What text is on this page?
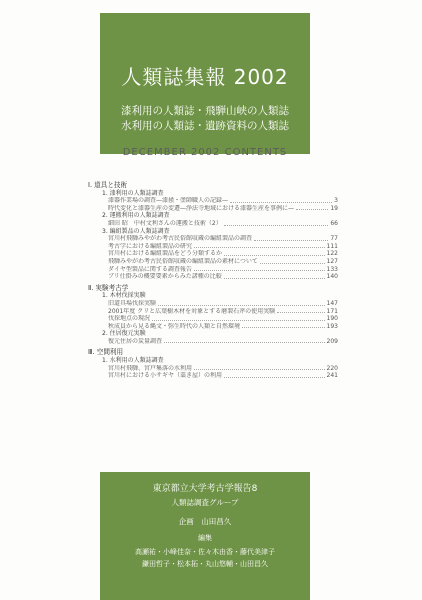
人類誌集報 2002
漆利用の人類誌・飛騨山峡の人類誌
水利用の人類誌・遺跡資料の人類誌
DECEMBER 2002 CONTENTS
Ⅰ. 道具と技術
1. 漆利用の人類誌調査
漆器作業場の調査—漆掻・塗師職人の記録—	3
時代変化と漆器生産の変遷—浄法寺地域における漆器生産を事例に—	19
2. 運搬利用の人類誌調査
細田 昭　中村文利さんの運搬と技術（2）	66
3. 編組製品の人類誌調査
宮川村飛騨みやがわ考古民俗館収蔵の編組製品の調査	77
考古学における編組製品の研究	111
宮川村における編組製品をどう分類するか	122
飛騨みやがわ考古民俗館収蔵の編組製品の素材について	127
ダイヤ型製品に関する調査報告	133
ブリ仕掛みの概要要素からみた諸種の比較	140
Ⅱ. 実験考古学
1. 木材伐採実験
旧道具場伐採実験	147
2001年度 クリと広葉樹木材を対象とする磨製石斧の使用実験	171
伐採地点の現況	190
秋成員から見る縄文・弥生時代の人類と自然環境	193
2. 住居復元実験
復元住居の炭量調査	209
Ⅲ. 空間利用
1. 水利用の人類誌調査
宮川村飛騨、宮戸集落の水利用	220
宮川村における小サギヤ（藁き屋）の利用	241
東京都立大学考古学報告8
人類誌調査グループ
企画　山田昌久
編集
高瀬祐・小峰佳奈・佐々木由香・藤代美津子
鎌田哲子・松本拓・丸山悠輔・山田昌久
